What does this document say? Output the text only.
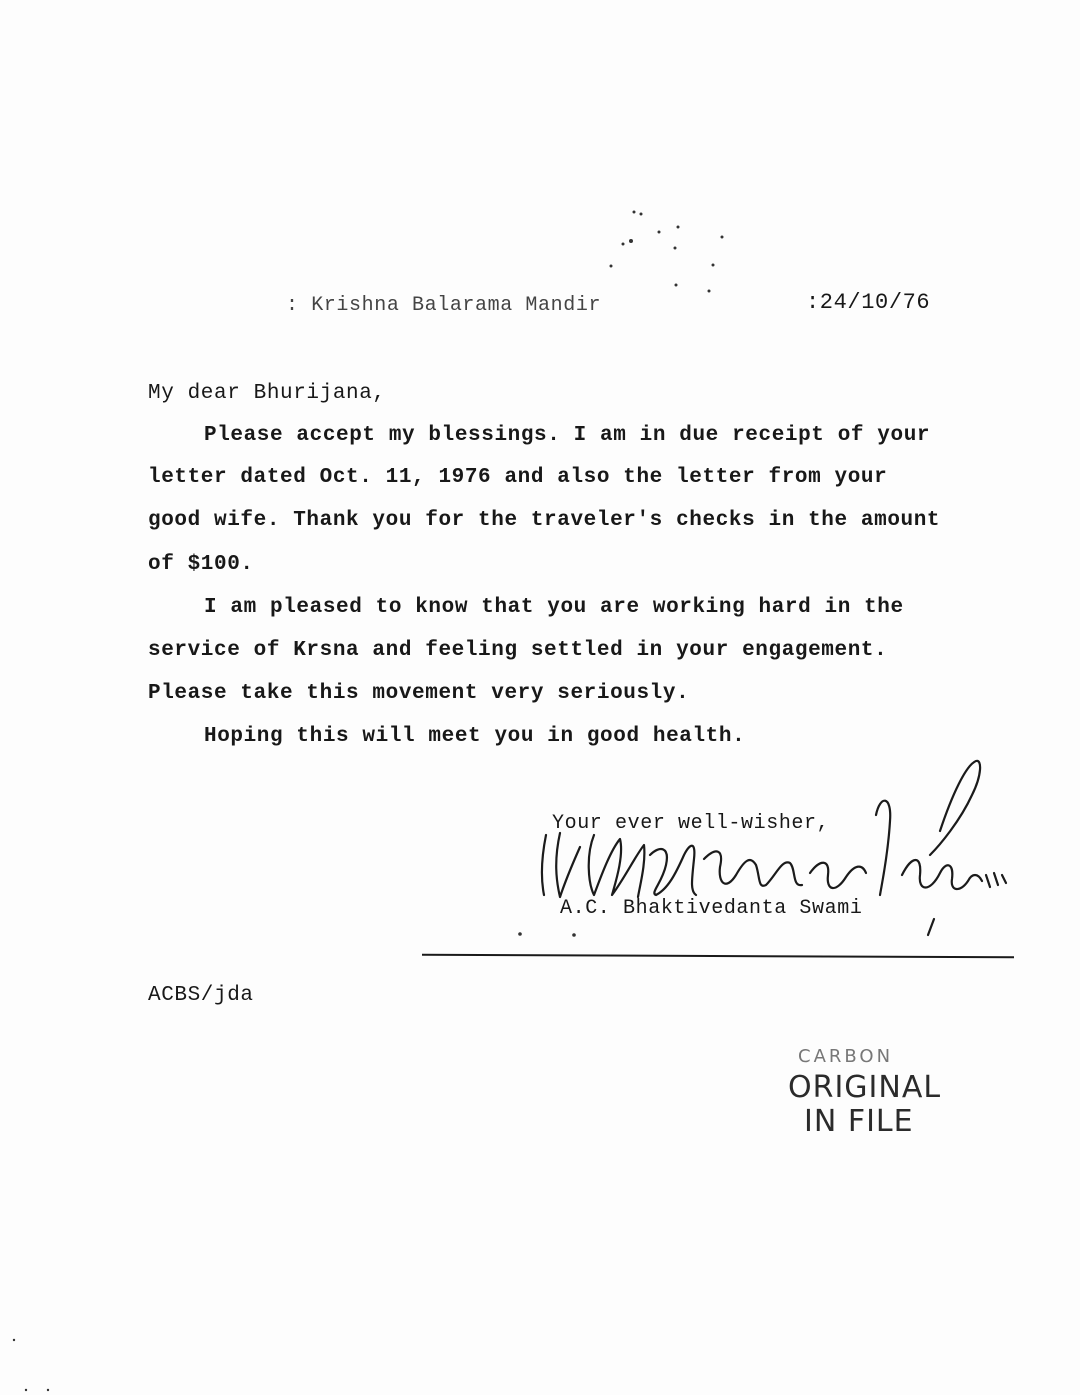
: Krishna Balarama Mandir	:24/10/76
My dear Bhurijana,
Please accept my blessings. I am in due receipt of your
letter dated Oct. 11, 1976 and also the letter from your
good wife. Thank you for the traveler's checks in the amount
of $100.
I am pleased to know that you are working hard in the
service of Krsna and feeling settled in your engagement.
Please take this movement very seriously.
Hoping this will meet you in good health.
Your ever well-wisher,
A.C. Bhaktivedanta Swami
ACBS/jda
CARBON
ORIGINAL
IN FILE
